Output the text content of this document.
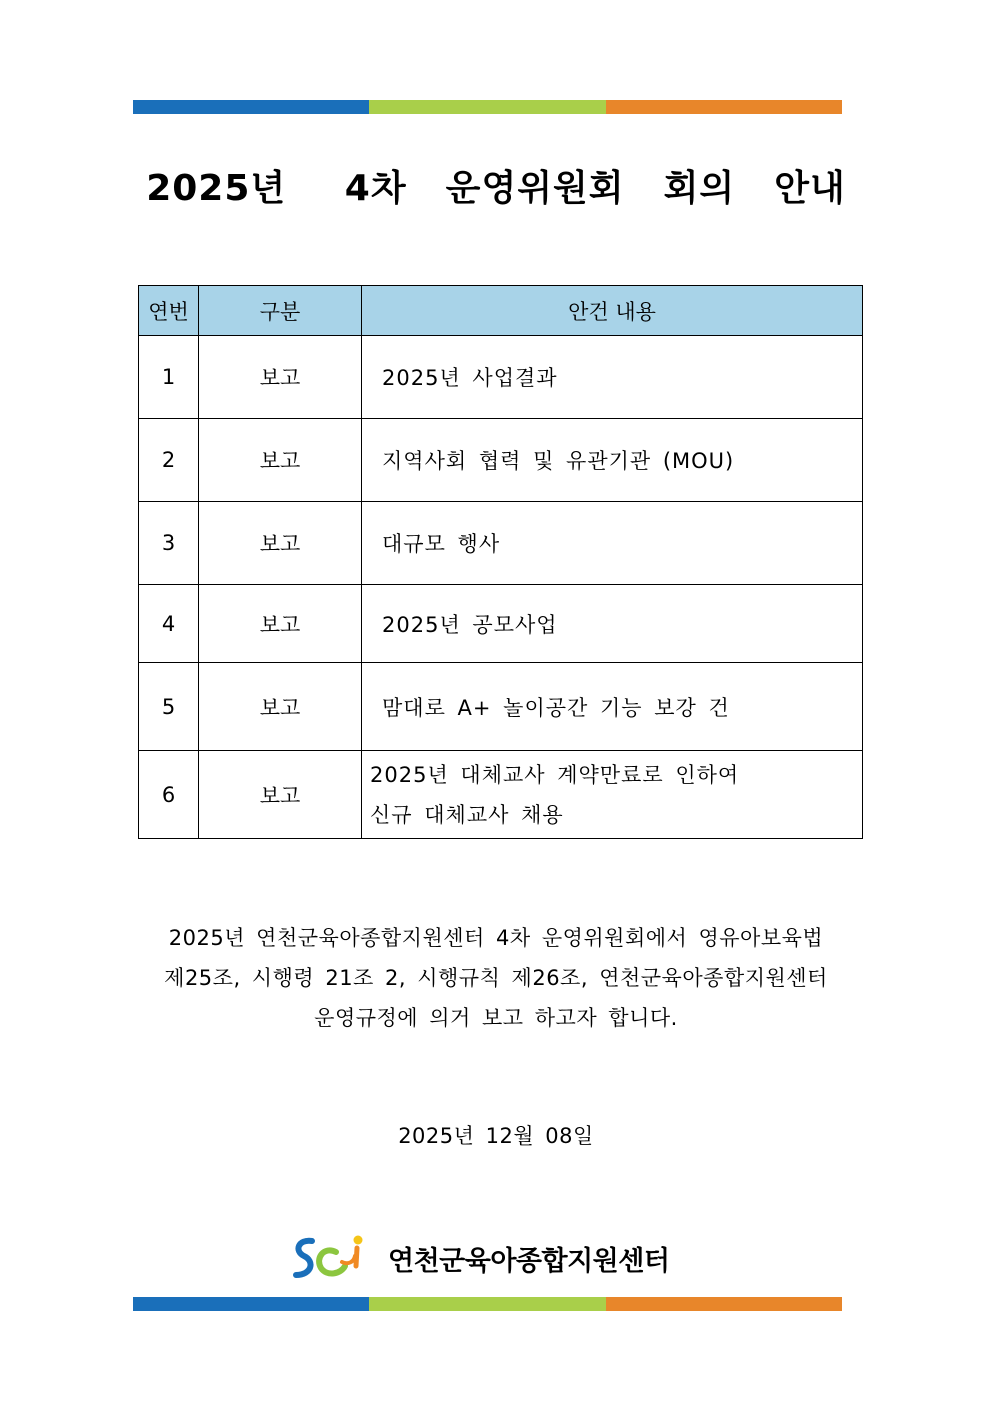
2025년   4차  운영위원회  회의  안내
연번	구분	안건 내용
1	보고	2025년 사업결과

2	보고	지역사회 협력 및 유관기관 (MOU)

3	보고	대규모 행사

4	보고	2025년 공모사업

5	보고	맘대로 A+ 놀이공간 기능 보강 건

6	보고	2025년 대체교사 계약만료로 인하여
신규 대체교사 채용
2025년 연천군육아종합지원센터 4차 운영위원회에서 영유아보육법
제25조, 시행령 21조 2, 시행규칙 제26조, 연천군육아종합지원센터
운영규정에 의거 보고 하고자 합니다.
2025년 12월 08일
연천군육아종합지원센터
